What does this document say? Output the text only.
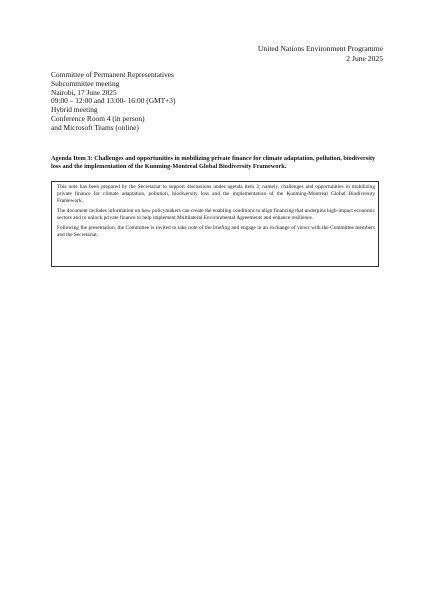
United Nations Environment Programme
2 June 2025
Committee of Permanent Representatives
Subcommittee meeting
Nairobi, 17 June 2025
09:00 – 12:00 and 13:00- 16:00 (GMT+3)
Hybrid meeting
Conference Room 4 (in person)
and Microsoft Teams (online)
Agenda Item 3: Challenges and opportunities in mobilizing private finance for climate adaptation, pollution, biodiversity loss and the implementation of the Kunming-Montreal Global Biodiversity Framework.

This note has been prepared by the Secretariat to support discussions under agenda item 3, namely, challenges and opportunities in mobilizing private finance for climate adaptation, pollution, biodiversity loss and the implementation of the Kunming-Montreal Global Biodiversity Framework.

The document includes information on how policymakers can create the enabling conditions to align financing that underpins high-impact economic sectors and to unlock private finance to help implement Multilateral Environmental Agreements and enhance resilience.

Following the presentation, the Committee is invited to take note of the briefing and engage in an exchange of views with the Committee members and the Secretariat.
